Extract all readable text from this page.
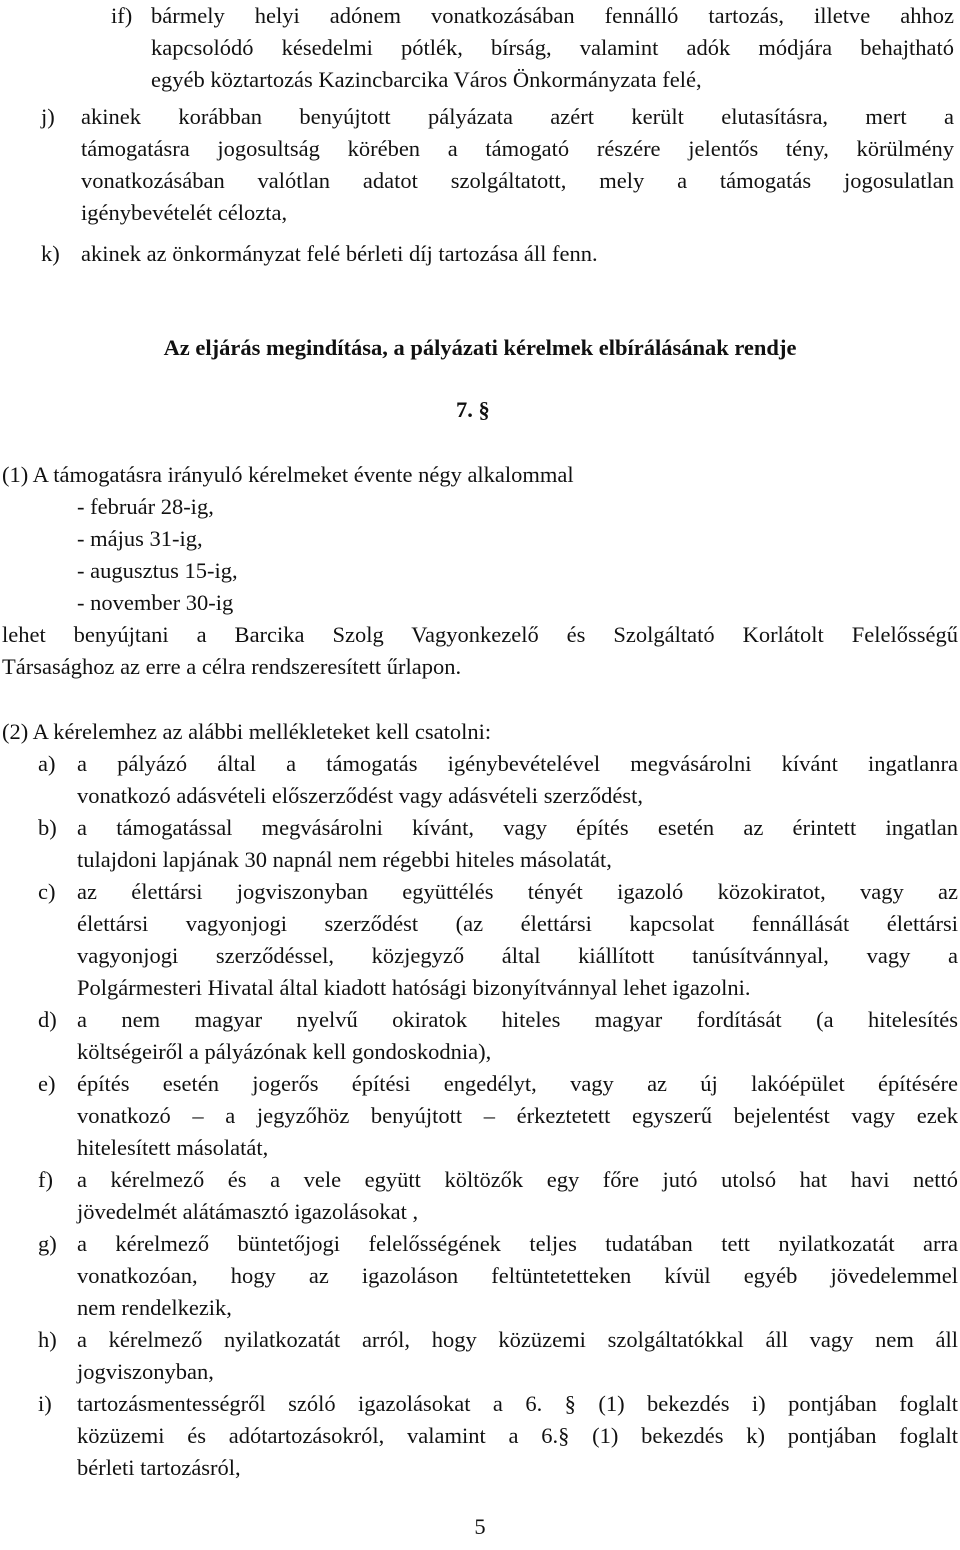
if) bármely helyi adónem vonatkozásában fennálló tartozás, illetve ahhoz
kapcsolódó késedelmi pótlék, bírság, valamint adók módjára behajtható
egyéb köztartozás Kazincbarcika Város Önkormányzata felé,
j) akinek korábban benyújtott pályázata azért került elutasításra, mert a
támogatásra jogosultság körében a támogató részére jelentős tény, körülmény
vonatkozásában valótlan adatot szolgáltatott, mely a támogatás jogosulatlan
igénybevételét célozta,
k) akinek az önkormányzat felé bérleti díj tartozása áll fenn.
Az eljárás megindítása, a pályázati kérelmek elbírálásának rendje
7. §
(1) A támogatásra irányuló kérelmeket évente négy alkalommal
- február 28-ig,
- május 31-ig,
- augusztus 15-ig,
- november 30-ig
lehet benyújtani a Barcika Szolg Vagyonkezelő és Szolgáltató Korlátolt Felelősségű
Társasághoz az erre a célra rendszeresített űrlapon.
(2) A kérelemhez az alábbi mellékleteket kell csatolni:
a) a pályázó által a támogatás igénybevételével megvásárolni kívánt ingatlanra
vonatkozó adásvételi előszerződést vagy adásvételi szerződést,
b) a támogatással megvásárolni kívánt, vagy építés esetén az érintett ingatlan
tulajdoni lapjának 30 napnál nem régebbi hiteles másolatát,
c) az élettársi jogviszonyban együttélés tényét igazoló közokiratot, vagy az
élettársi vagyonjogi szerződést (az élettársi kapcsolat fennállását élettársi
vagyonjogi szerződéssel, közjegyző által kiállított tanúsítvánnyal, vagy a
Polgármesteri Hivatal által kiadott hatósági bizonyítvánnyal lehet igazolni.
d) a nem magyar nyelvű okiratok hiteles magyar fordítását (a hitelesítés
költségeiről a pályázónak kell gondoskodnia),
e) építés esetén jogerős építési engedélyt, vagy az új lakóépület építésére
vonatkozó – a jegyzőhöz benyújtott – érkeztetett egyszerű bejelentést vagy ezek
hitelesített másolatát,
f) a kérelmező és a vele együtt költözők egy főre jutó utolsó hat havi nettó
jövedelmét alátámasztó igazolásokat ,
g) a kérelmező büntetőjogi felelősségének teljes tudatában tett nyilatkozatát arra
vonatkozóan, hogy az igazoláson feltüntetetteken kívül egyéb jövedelemmel
nem rendelkezik,
h) a kérelmező nyilatkozatát arról, hogy közüzemi szolgáltatókkal áll vagy nem áll
jogviszonyban,
i) tartozásmentességről szóló igazolásokat a 6. § (1) bekezdés i) pontjában foglalt
közüzemi és adótartozásokról, valamint a 6.§ (1) bekezdés k) pontjában foglalt
bérleti tartozásról,
5
